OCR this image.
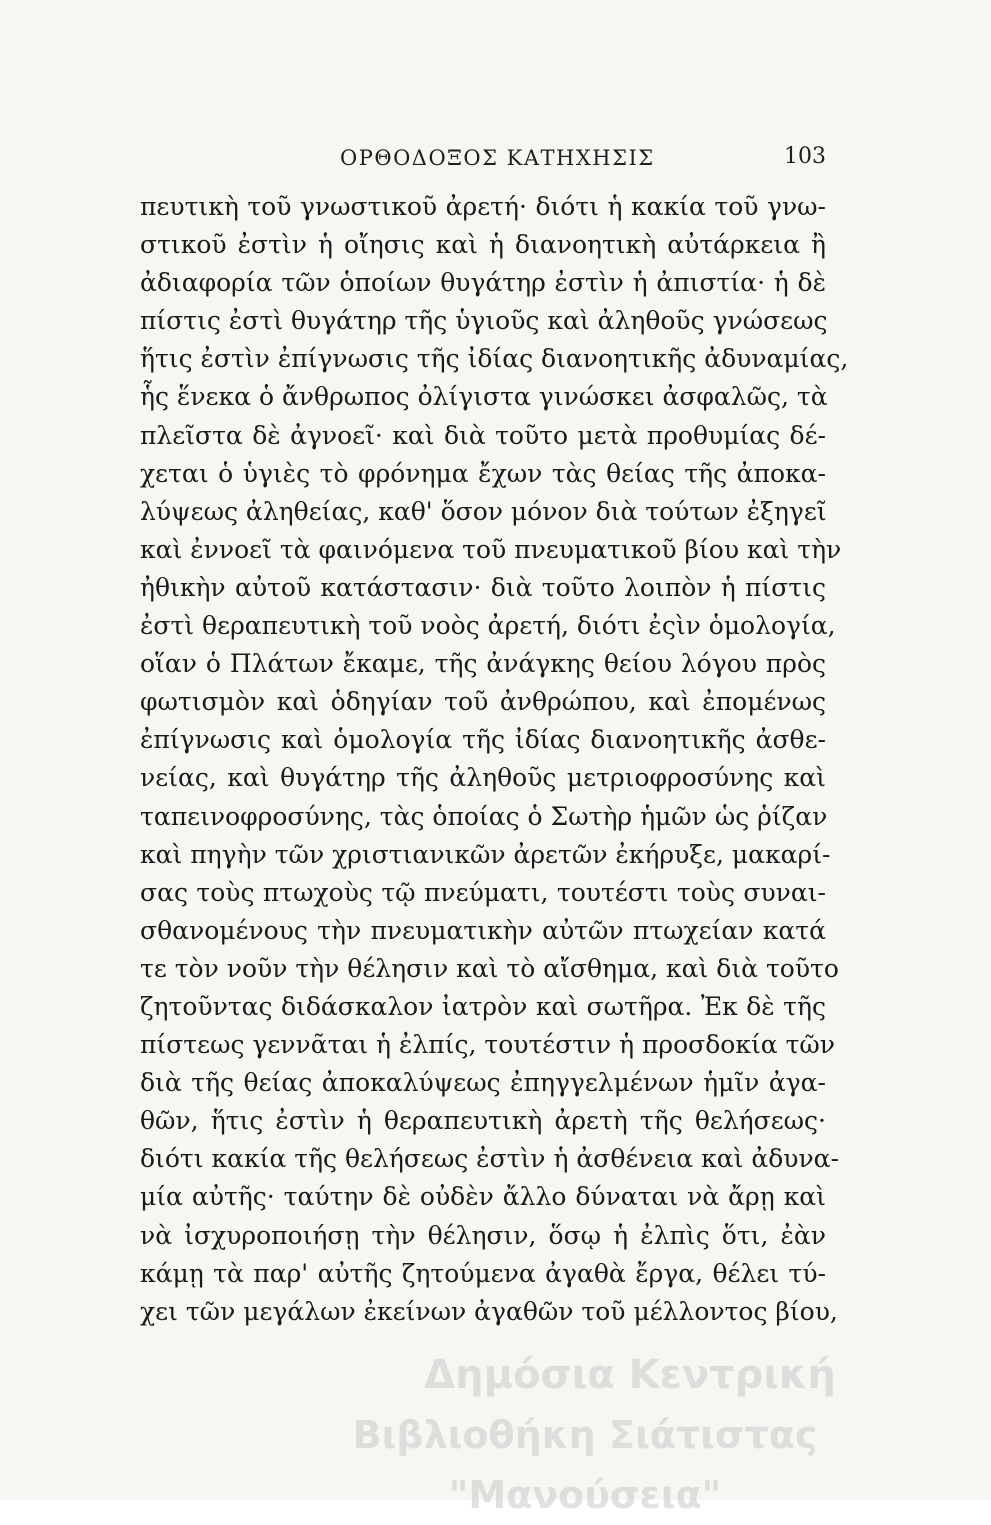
ΟΡΘΟΔΟΞΟΣ ΚΑΤΗΧΗΣΙΣ	103
πευτικὴ τοῦ γνωστικοῦ ἀρετή· διότι ἡ κακία τοῦ γνω-
στικοῦ ἐστὶν ἡ οἴησις καὶ ἡ διανοητικὴ αὐτάρκεια ἢ
ἀδιαφορία τῶν ὁποίων θυγάτηρ ἐστὶν ἡ ἀπιστία· ἡ δὲ
πίστις ἐστὶ θυγάτηρ τῆς ὑγιοῦς καὶ ἀληθοῦς γνώσεως
ἥτις ἐστὶν ἐπίγνωσις τῆς ἰδίας διανοητικῆς ἀδυναμίας,
ἧς ἕνεκα ὁ ἄνθρωπος ὀλίγιστα γινώσκει ἀσφαλῶς, τὰ
πλεῖστα δὲ ἀγνοεῖ· καὶ διὰ τοῦτο μετὰ προθυμίας δέ-
χεται ὁ ὑγιὲς τὸ φρόνημα ἔχων τὰς θείας τῆς ἀποκα-
λύψεως ἀληθείας, καθ' ὅσον μόνον διὰ τούτων ἐξηγεῖ
καὶ ἐννοεῖ τὰ φαινόμενα τοῦ πνευματικοῦ βίου καὶ τὴν
ἠθικὴν αὐτοῦ κατάστασιν· διὰ τοῦτο λοιπὸν ἡ πίστις
ἐστὶ θεραπευτικὴ τοῦ νοὸς ἀρετή, διότι ἐςὶν ὁμολογία,
οἵαν ὁ Πλάτων ἔκαμε, τῆς ἀνάγκης θείου λόγου πρὸς
φωτισμὸν καὶ ὁδηγίαν τοῦ ἀνθρώπου, καὶ ἐπομένως
ἐπίγνωσις καὶ ὁμολογία τῆς ἰδίας διανοητικῆς ἀσθε-
νείας, καὶ θυγάτηρ τῆς ἀληθοῦς μετριοφροσύνης καὶ
ταπεινοφροσύνης, τὰς ὁποίας ὁ Σωτὴρ ἡμῶν ὡς ῥίζαν
καὶ πηγὴν τῶν χριστιανικῶν ἀρετῶν ἐκήρυξε, μακαρί-
σας τοὺς πτωχοὺς τῷ πνεύματι, τουτέστι τοὺς συναι-
σθανομένους τὴν πνευματικὴν αὐτῶν πτωχείαν κατά
τε τὸν νοῦν τὴν θέλησιν καὶ τὸ αἴσθημα, καὶ διὰ τοῦτο
ζητοῦντας διδάσκαλον ἰατρὸν καὶ σωτῆρα. Ἐκ δὲ τῆς
πίστεως γεννᾶται ἡ ἐλπίς, τουτέστιν ἡ προσδοκία τῶν
διὰ τῆς θείας ἀποκαλύψεως ἐπηγγελμένων ἡμῖν ἀγα-
θῶν, ἥτις ἐστὶν ἡ θεραπευτικὴ ἀρετὴ τῆς θελήσεως·
διότι κακία τῆς θελήσεως ἐστὶν ἡ ἀσθένεια καὶ ἀδυνα-
μία αὐτῆς· ταύτην δὲ οὐδὲν ἄλλο δύναται νὰ ἄρῃ καὶ
νὰ ἰσχυροποιήσῃ τὴν θέλησιν, ὅσῳ ἡ ἐλπὶς ὅτι, ἐὰν
κάμῃ τὰ παρ' αὐτῆς ζητούμενα ἀγαθὰ ἔργα, θέλει τύ-
χει τῶν μεγάλων ἐκείνων ἀγαθῶν τοῦ μέλλοντος βίου,
Δημόσια Κεντρική
Βιβλιοθήκη Σιάτιστας "Μανούσεια"
